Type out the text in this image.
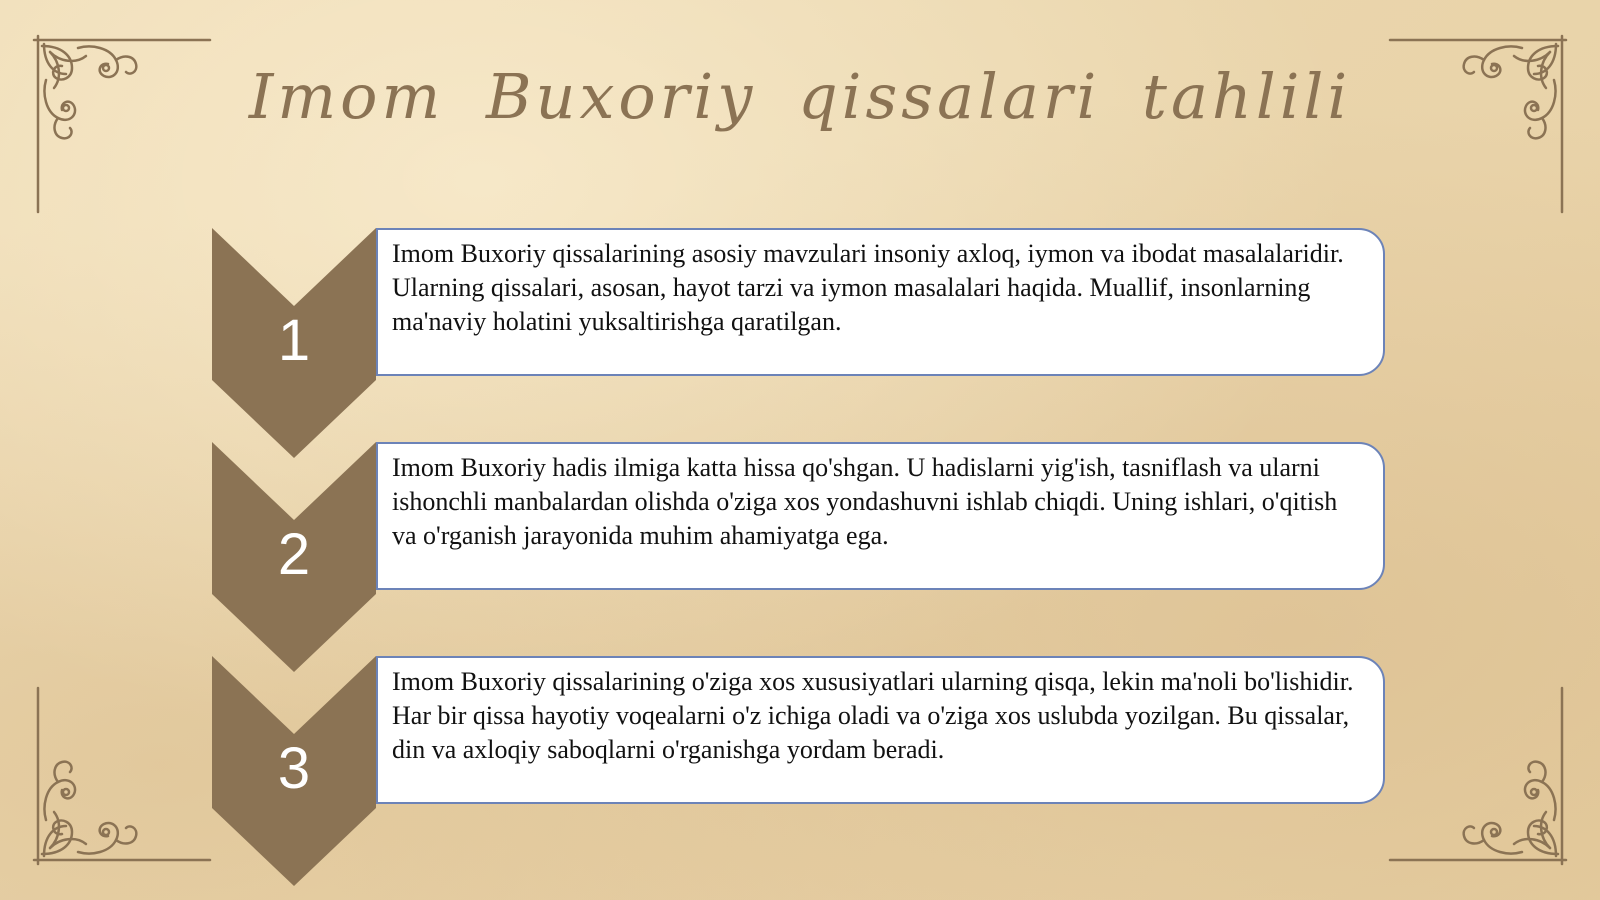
Imom Buxoriy qissalari tahlili
1

Imom Buxoriy qissalarining asosiy mavzulari insoniy axloq, iymon va ibodat masalalaridir. Ularning qissalari, asosan, hayot tarzi va iymon masalalari haqida. Muallif, insonlarning ma'naviy holatini yuksaltirishga qaratilgan.

2

Imom Buxoriy hadis ilmiga katta hissa qo'shgan. U hadislarni yig'ish, tasniflash va ularni ishonchli manbalardan olishda o'ziga xos yondashuvni ishlab chiqdi. Uning ishlari, o'qitish va o'rganish jarayonida muhim ahamiyatga ega.

3

Imom Buxoriy qissalarining o'ziga xos xususiyatlari ularning qisqa, lekin ma'noli bo'lishidir. Har bir qissa hayotiy voqealarni o'z ichiga oladi va o'ziga xos uslubda yozilgan. Bu qissalar, din va axloqiy saboqlarni o'rganishga yordam beradi.
